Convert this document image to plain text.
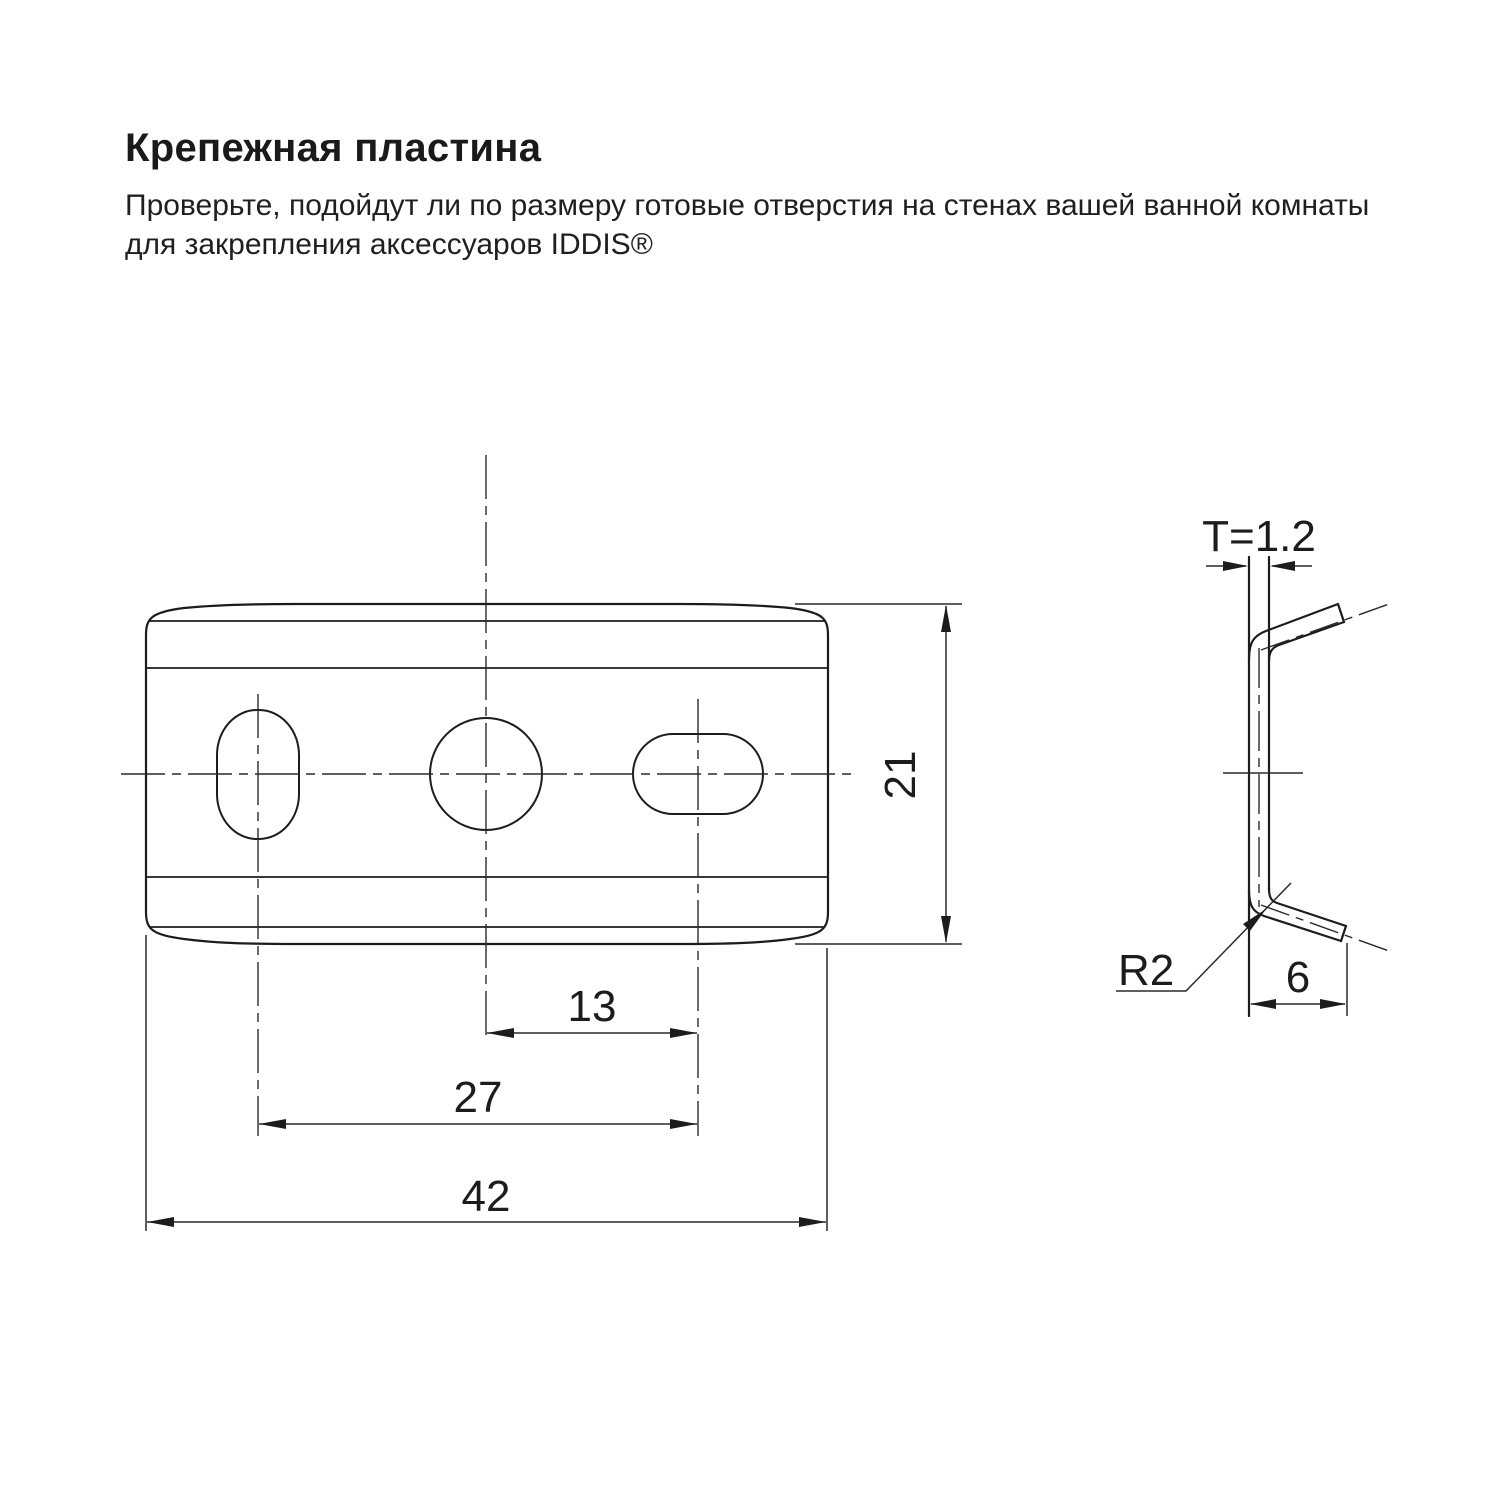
Крепежная пластина
Проверьте, подойдут ли по размеру готовые отверстия на стенах вашей ванной комнаты
для закрепления аксессуаров IDDIS®
21
13
27
42
T=1.2
6
R2
